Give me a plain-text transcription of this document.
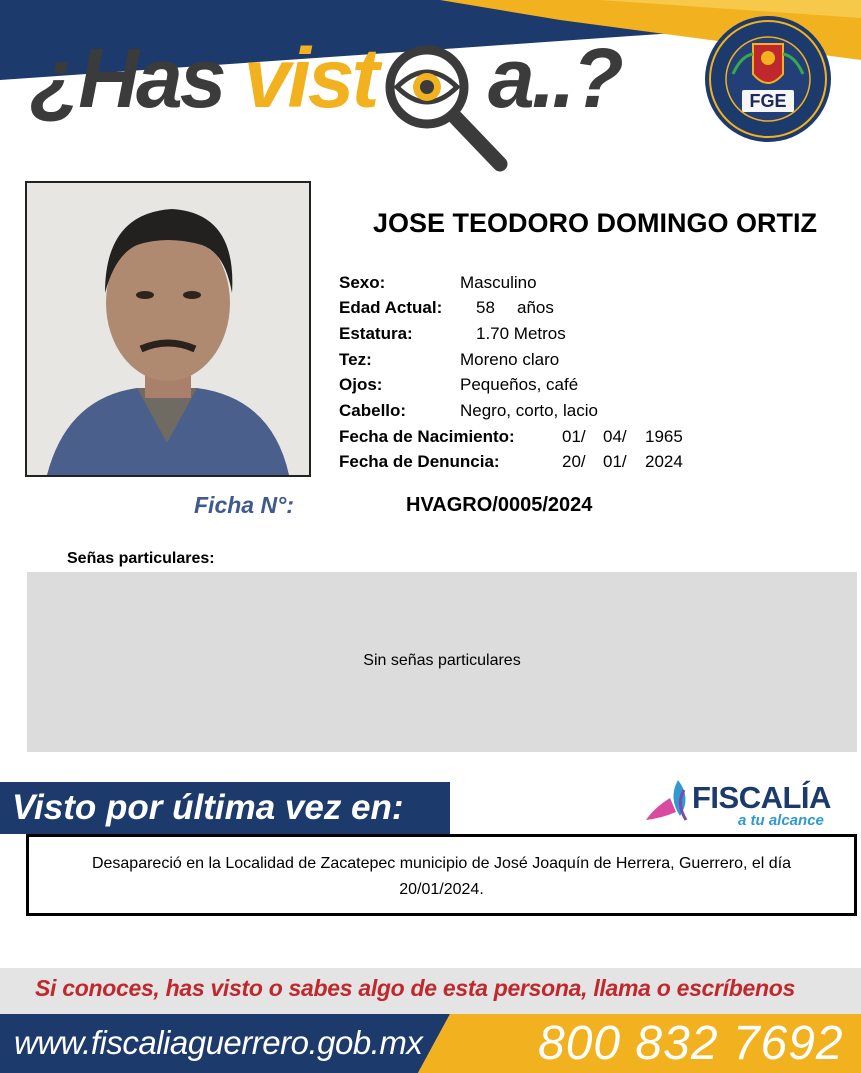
¿Has vist a..?	FGE
JOSE TEODORO DOMINGO ORTIZ
Sexo:	Masculino
Edad Actual: 58 años
Estatura:	1.70 Metros
Tez:	Moreno claro
Ojos:	Pequeños, café
Cabello:	Negro, corto, lacio
Fecha de Nacimiento:	01/ 04/ 1965
Fecha de Denuncia:	20/ 01/ 2024
Ficha N°:	HVAGRO/0005/2024
Señas particulares:
Sin señas particulares
Visto por última vez en:	FISCALÍA
a tu alcance
Desapareció en la Localidad de Zacatepec municipio de José Joaquín de Herrera, Guerrero, el día 20/01/2024.
Si conoces, has visto o sabes algo de esta persona, llama o escríbenos
www.fiscaliaguerrero.gob.mx 800 832 7692
